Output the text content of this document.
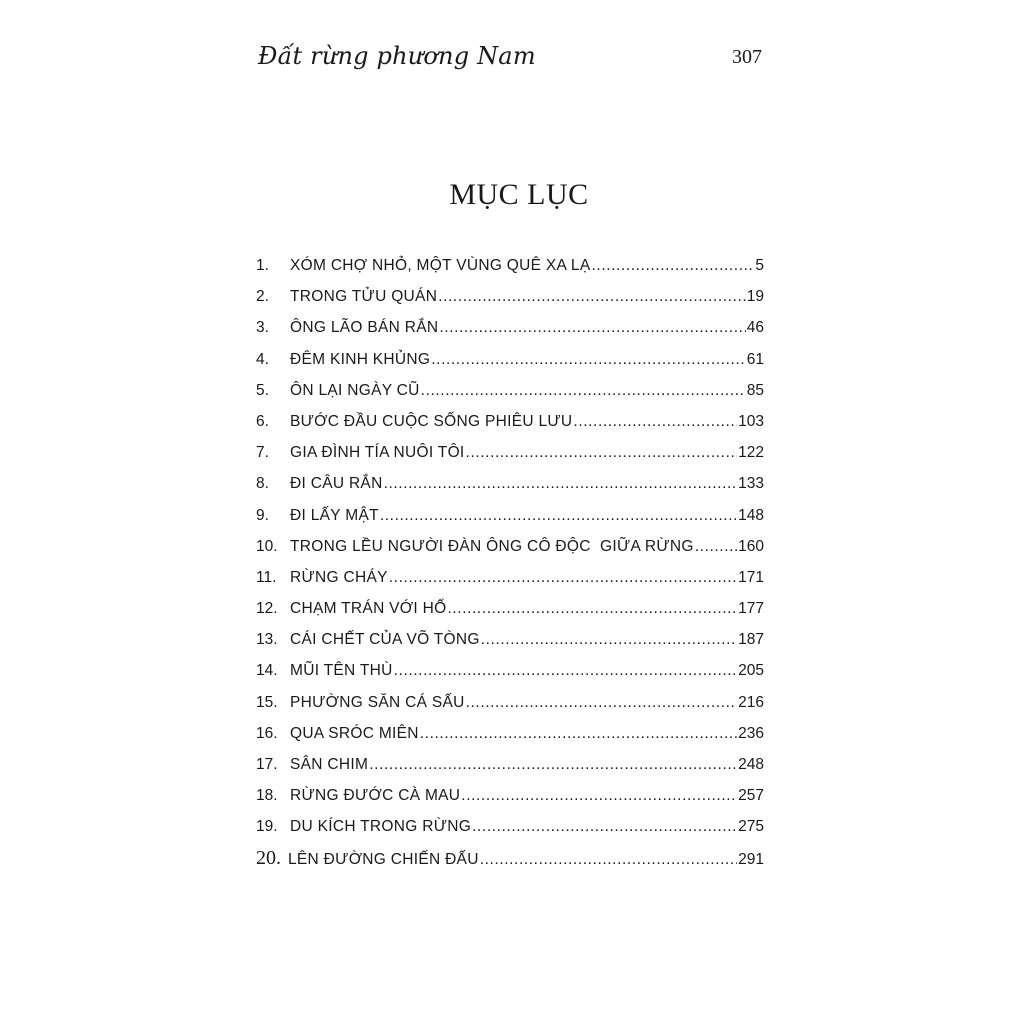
Đất rừng phương Nam	307
MỤC LỤC
1.	XÓM CHỢ NHỎ, MỘT VÙNG QUÊ XA LẠ .....	5
2.	TRONG TỬU QUÁN .....	19
3.	ÔNG LÃO BÁN RẮN .....	46
4.	ĐÊM KINH KHỦNG .....	61
5.	ÔN LẠI NGÀY CŨ .....	85
6.	BƯỚC ĐẦU CUỘC SỐNG PHIÊU LƯU .....	103
7.	GIA ĐÌNH TÍA NUÔI TÔI .....	122
8.	ĐI CÂU RẮN .....	133
9.	ĐI LẤY MẬT .....	148
10. TRONG LỀU NGƯỜI ĐÀN ÔNG CÔ ĐỘC  GIỮA RỪNG .....	160
11. RỪNG CHÁY .....	171
12. CHẠM TRÁN VỚI HỔ .....	177
13. CÁI CHẾT CỦA VÕ TÒNG .....	187
14. MŨI TÊN THÙ .....	205
15. PHƯỜNG SĂN CÁ SẤU .....	216
16. QUA SRÓC MIÊN .....	236
17. SÂN CHIM .....	248
18. RỪNG ĐƯỚC CÀ MAU .....	257
19. DU KÍCH TRONG RỪNG .....	275
20. LÊN ĐƯỜNG CHIẾN ĐẤU .....	291
